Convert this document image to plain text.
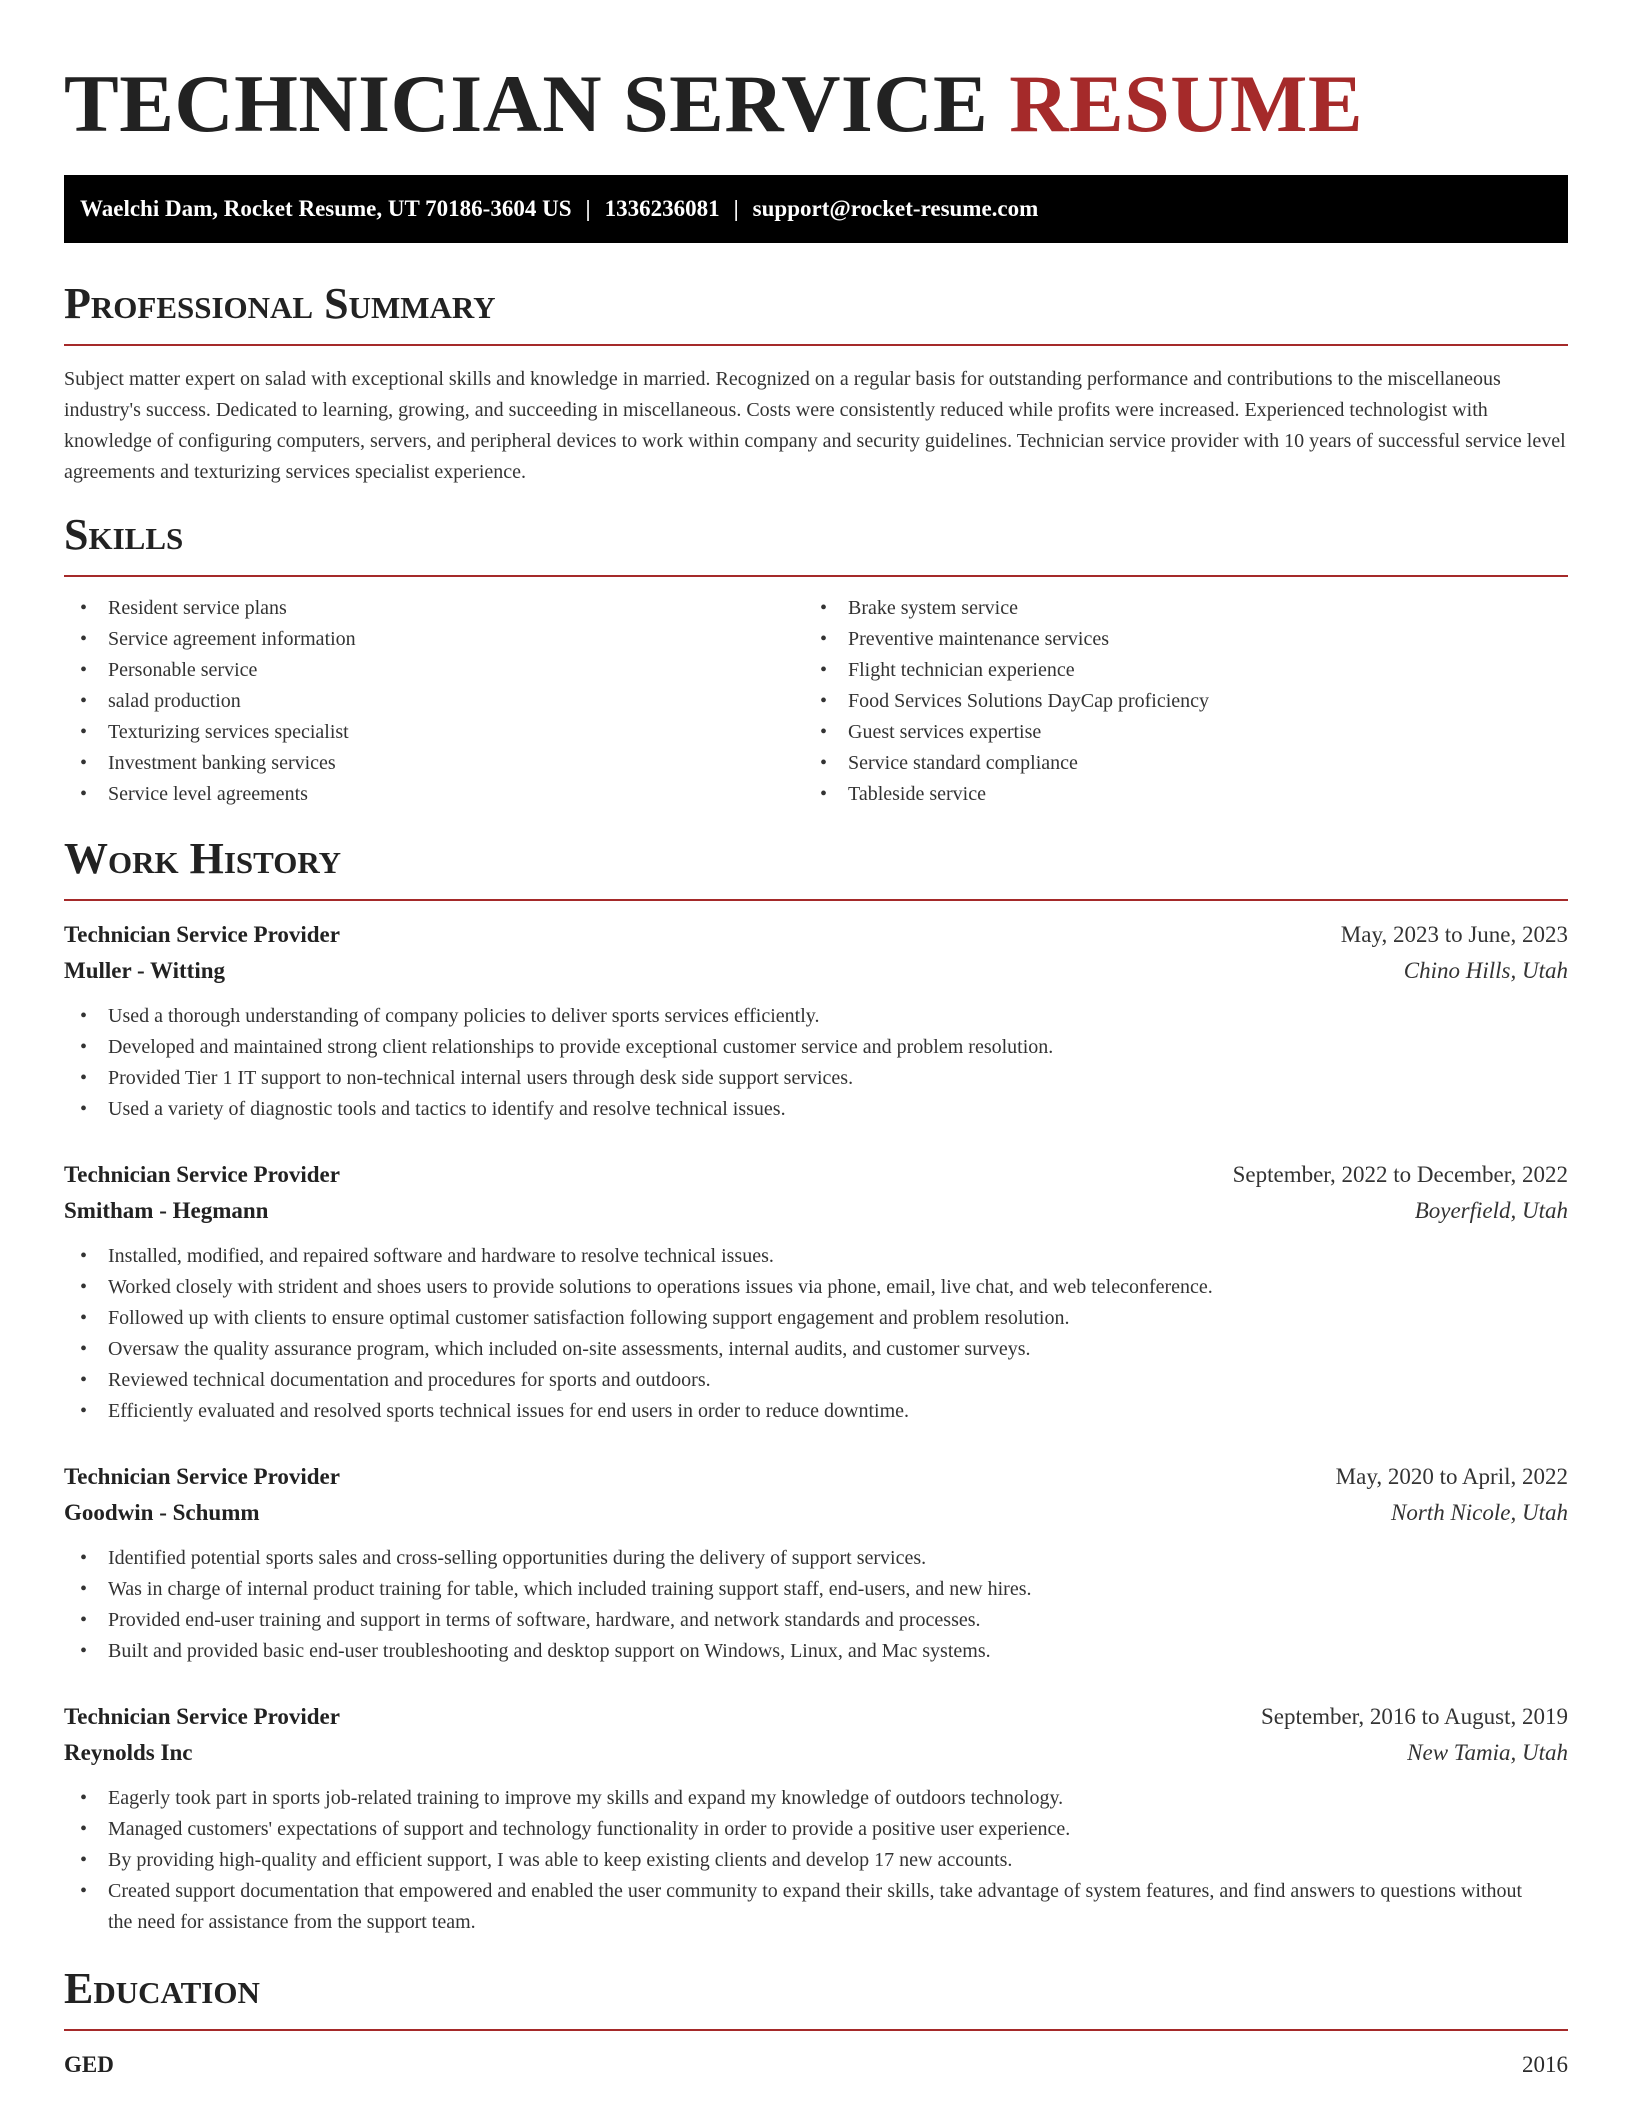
TECHNICIAN SERVICE RESUME
Waelchi Dam, Rocket Resume, UT 70186-3604 US | 1336236081 | support@rocket-resume.com
Professional Summary

Subject matter expert on salad with exceptional skills and knowledge in married. Recognized on a regular basis for outstanding performance and contributions to the miscellaneous industry's success. Dedicated to learning, growing, and succeeding in miscellaneous. Costs were consistently reduced while profits were increased. Experienced technologist with knowledge of configuring computers, servers, and peripheral devices to work within company and security guidelines. Technician service provider with 10 years of successful service level agreements and texturizing services specialist experience.

Skills
• Resident service plans
• Service agreement information
• Personable service
• salad production
• Texturizing services specialist
• Investment banking services
• Service level agreements
• Brake system service
• Preventive maintenance services
• Flight technician experience
• Food Services Solutions DayCap proficiency
• Guest services expertise
• Service standard compliance
• Tableside service
Work History
Technician Service Provider	May, 2023 to June, 2023
Muller - Witting	Chino Hills, Utah
• Used a thorough understanding of company policies to deliver sports services efficiently.
• Developed and maintained strong client relationships to provide exceptional customer service and problem resolution.
• Provided Tier 1 IT support to non-technical internal users through desk side support services.
• Used a variety of diagnostic tools and tactics to identify and resolve technical issues.
Technician Service Provider	September, 2022 to December, 2022
Smitham - Hegmann	Boyerfield, Utah
• Installed, modified, and repaired software and hardware to resolve technical issues.
• Worked closely with strident and shoes users to provide solutions to operations issues via phone, email, live chat, and web teleconference.
• Followed up with clients to ensure optimal customer satisfaction following support engagement and problem resolution.
• Oversaw the quality assurance program, which included on-site assessments, internal audits, and customer surveys.
• Reviewed technical documentation and procedures for sports and outdoors.
• Efficiently evaluated and resolved sports technical issues for end users in order to reduce downtime.
Technician Service Provider	May, 2020 to April, 2022
Goodwin - Schumm	North Nicole, Utah
• Identified potential sports sales and cross-selling opportunities during the delivery of support services.
• Was in charge of internal product training for table, which included training support staff, end-users, and new hires.
• Provided end-user training and support in terms of software, hardware, and network standards and processes.
• Built and provided basic end-user troubleshooting and desktop support on Windows, Linux, and Mac systems.
Technician Service Provider	September, 2016 to August, 2019
Reynolds Inc	New Tamia, Utah
• Eagerly took part in sports job-related training to improve my skills and expand my knowledge of outdoors technology.
• Managed customers' expectations of support and technology functionality in order to provide a positive user experience.
• By providing high-quality and efficient support, I was able to keep existing clients and develop 17 new accounts.
• Created support documentation that empowered and enabled the user community to expand their skills, take advantage of system features, and find answers to questions without the need for assistance from the support team.
Education
GED	2016
